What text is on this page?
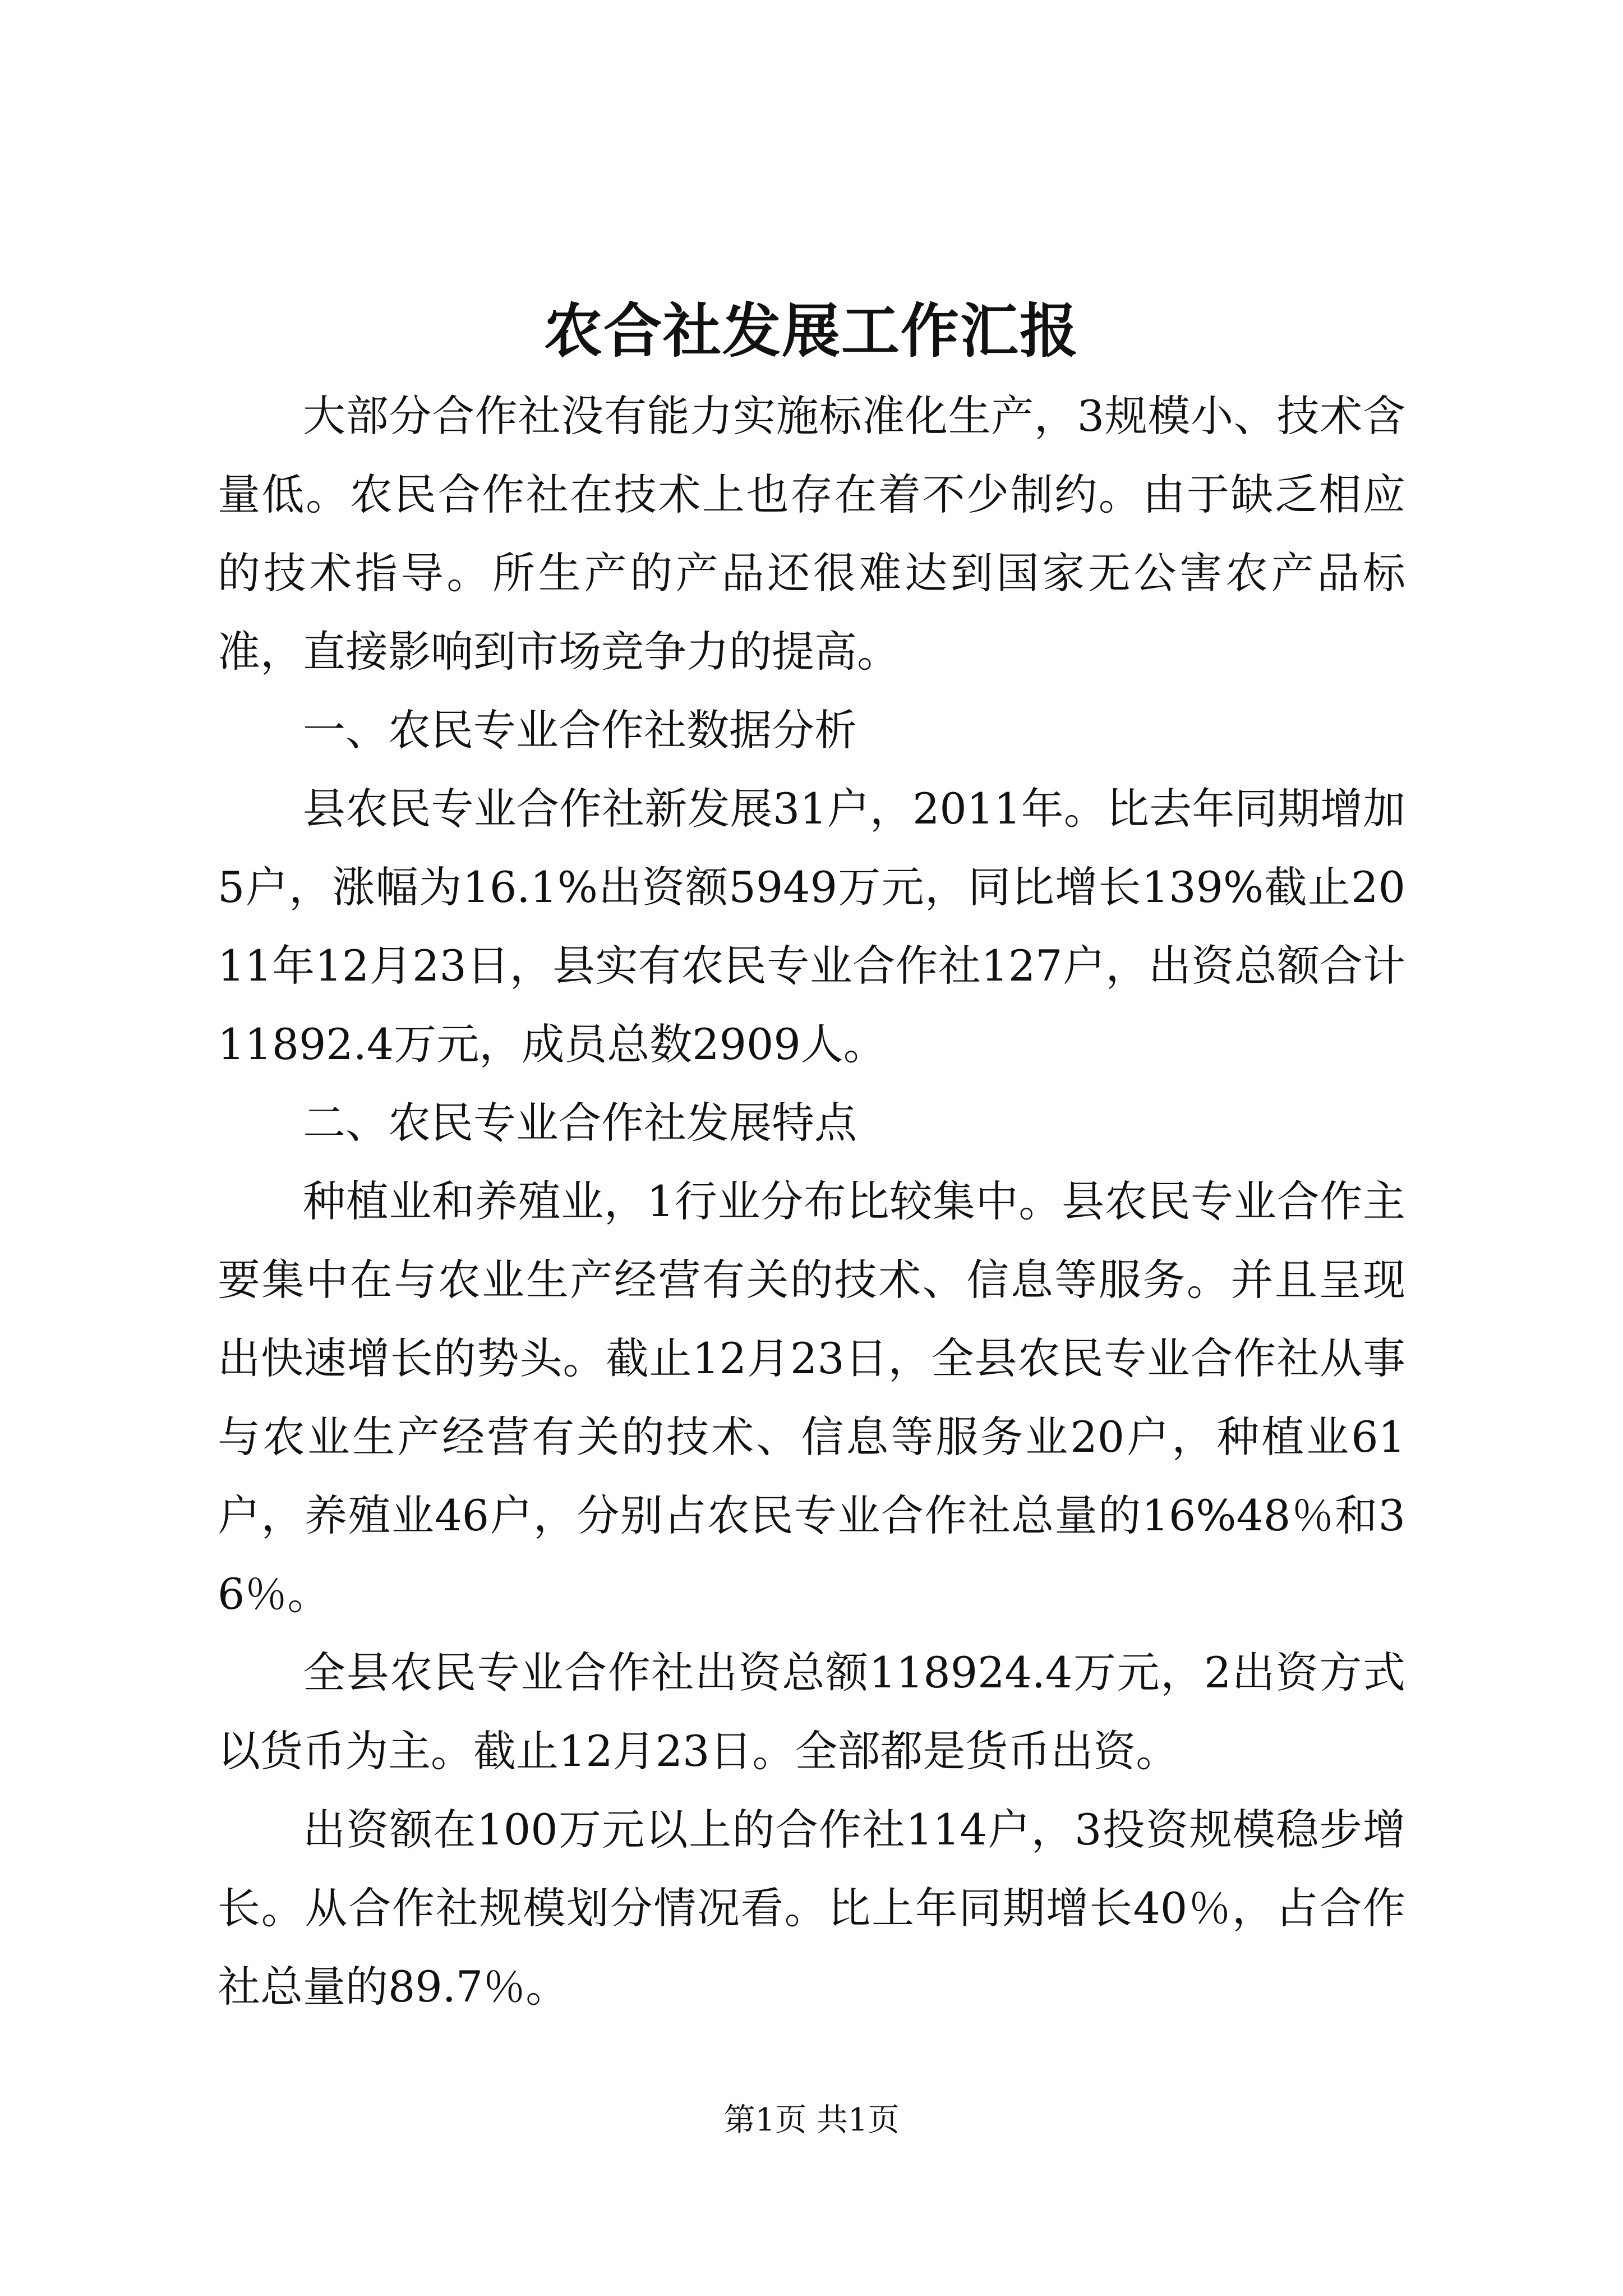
农合社发展工作汇报

大部分合作社没有能力实施标准化生产，3规模小、技术含量低。农民合作社在技术上也存在着不少制约。由于缺乏相应的技术指导。所生产的产品还很难达到国家无公害农产品标准，直接影响到市场竞争力的提高。

一、农民专业合作社数据分析

县农民专业合作社新发展31户，2011年。比去年同期增加5户，涨幅为16.1%出资额5949万元，同比增长139%截止2011年12月23日，县实有农民专业合作社127户，出资总额合计11892.4万元，成员总数2909人。

二、农民专业合作社发展特点

种植业和养殖业，1行业分布比较集中。县农民专业合作主要集中在与农业生产经营有关的技术、信息等服务。并且呈现出快速增长的势头。截止12月23日，全县农民专业合作社从事与农业生产经营有关的技术、信息等服务业20户，种植业61户，养殖业46户，分别占农民专业合作社总量的16%48％和36％。

全县农民专业合作社出资总额118924.4万元，2出资方式以货币为主。截止12月23日。全部都是货币出资。

出资额在100万元以上的合作社114户，3投资规模稳步增长。从合作社规模划分情况看。比上年同期增长40％，占合作社总量的89.7％。

第1页 共1页
